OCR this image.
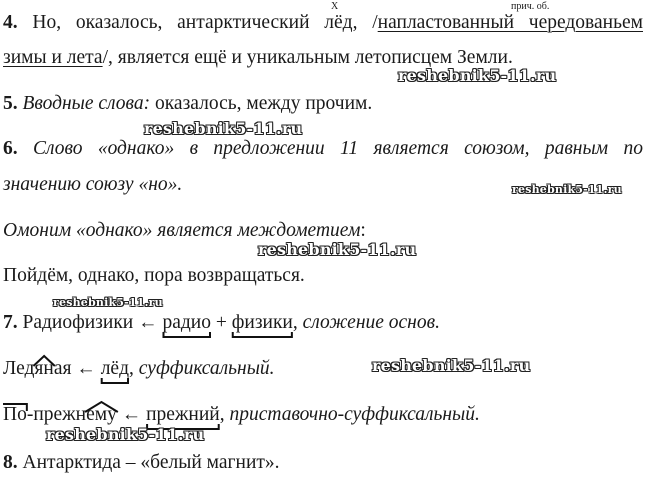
Х	прич. об.
4. Но, оказалось, антарктический лёд, /напластованный чередованьем
зимы и лета/, является ещё и уникальным летописцем Земли.
5. Вводные слова: оказалось, между прочим.
6. Слово «однако» в предложении 11 является союзом, равным по
значению союзу «но».
Омоним «однако» является междометием:
Пойдём, однако, пора возвращаться.
7. Радиофизики ← радио + физики, сложение основ.
Ледяная ← лёд, суффиксальный.
По-прежнему ← прежний, приставочно-суффиксальный.
8. Антарктида – «белый магнит».
reshebnik5-11.ru
reshebnik5-11.ru
reshebnik5-11.ru
reshebnik5-11.ru
reshebnik5-11.ru
reshebnik5-11.ru
reshebnik5-11.ru
